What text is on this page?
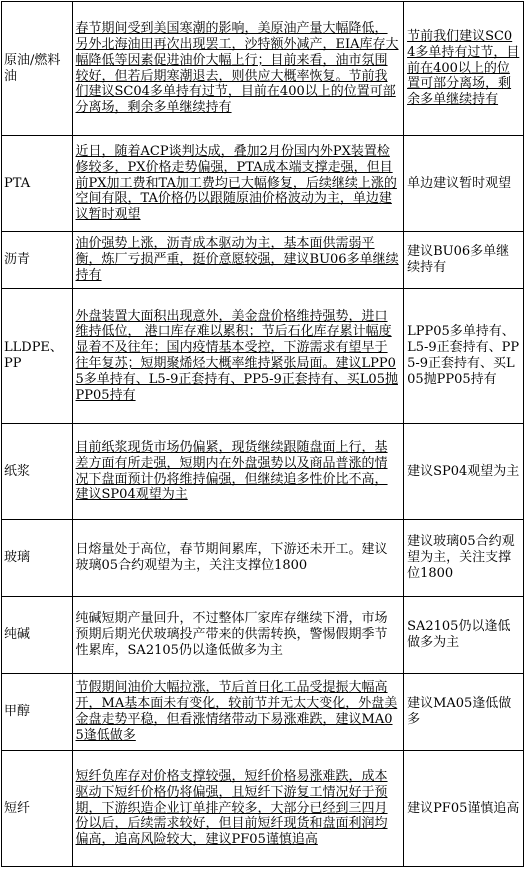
原油/燃料油	春节期间受到美国寒潮的影响，美原油产量大幅降低，另外北海油田再次出现罢工，沙特额外减产，EIA库存大幅降低等因素促进油价大幅上行；目前来看，油市氛围较好，但若后期寒潮退去，则供应大概率恢复。节前我们建议SC04多单持有过节，目前在400以上的位置可部分离场，剩余多单继续持有	节前我们建议SC04多单持有过节，目前在400以上的位置可部分离场，剩余多单继续持有
PTA	近日，随着ACP谈判达成，叠加2月份国内外PX装置检修较多，PX价格走势偏强，PTA成本端支撑走强，但目前PX加工费和TA加工费均已大幅修复，后续继续上涨的空间有限，TA价格仍以跟随原油价格波动为主，单边建议暂时观望	单边建议暂时观望
沥青	油价强势上涨，沥青成本驱动为主，基本面供需弱平衡，炼厂亏损严重，挺价意愿较强，建议BU06多单继续持有	建议BU06多单继续持有
LLDPE、PP	外盘装置大面积出现意外，美金盘价格维持强势，进口维持低位， 港口库存难以累积；节后石化库存累计幅度显着不及往年；国内疫情基本受控，下游需求有望早于往年复苏；短期聚烯烃大概率维持紧张局面。建议LPP05多单持有、L5-9正套持有、PP5-9正套持有、买L05抛PP05持有	LPP05多单持有、L5-9正套持有、PP5-9正套持有、买L05抛PP05持有
纸浆	目前纸浆现货市场仍偏紧，现货继续跟随盘面上行，基差方面有所走强，短期内在外盘强势以及商品普涨的情况下盘面预计仍将维持偏强，但继续追多性价比不高，建议SP04观望为主	建议SP04观望为主
玻璃	日熔量处于高位，春节期间累库，下游还未开工。建议玻璃05合约观望为主，关注支撑位1800	建议玻璃05合约观望为主，关注支撑位1800
纯碱	纯碱短期产量回升，不过整体厂家库存继续下滑，市场预期后期光伏玻璃投产带来的供需转换，警惕假期季节性累库，SA2105仍以逢低做多为主	SA2105仍以逢低做多为主
甲醇	节假期间油价大幅拉涨，节后首日化工品受提振大幅高开，MA基本面未有变化，较前节并无太大变化，外盘美金盘走势平稳，但看涨情绪带动下易涨难跌，建议MA05逢低做多	建议MA05逢低做多
短纤	短纤负库存对价格支撑较强，短纤价格易涨难跌，成本驱动下短纤价格仍将偏强，且短纤下游复工情况好于预期，下游织造企业订单排产较多，大部分已经到三四月份以后，后续需求较好，但目前短纤现货和盘面利润均偏高，追高风险较大，建议PF05谨慎追高	建议PF05谨慎追高
